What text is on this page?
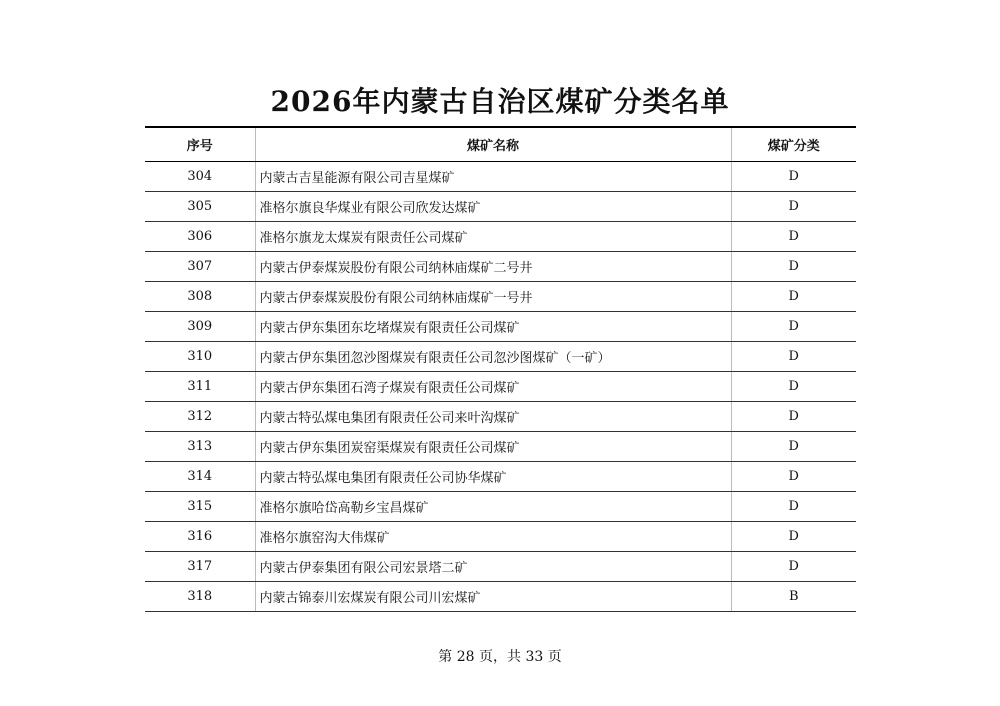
2026年内蒙古自治区煤矿分类名单
序号	煤矿名称	煤矿分类
304	内蒙古吉星能源有限公司吉星煤矿	D
305	准格尔旗良华煤业有限公司欣发达煤矿	D
306	准格尔旗龙太煤炭有限责任公司煤矿	D
307	内蒙古伊泰煤炭股份有限公司纳林庙煤矿二号井	D
308	内蒙古伊泰煤炭股份有限公司纳林庙煤矿一号井	D
309	内蒙古伊东集团东圪堵煤炭有限责任公司煤矿	D
310	内蒙古伊东集团忽沙图煤炭有限责任公司忽沙图煤矿（一矿）	D
311	内蒙古伊东集团石湾子煤炭有限责任公司煤矿	D
312	内蒙古特弘煤电集团有限责任公司来叶沟煤矿	D
313	内蒙古伊东集团炭窑渠煤炭有限责任公司煤矿	D
314	内蒙古特弘煤电集团有限责任公司协华煤矿	D
315	准格尔旗哈岱高勒乡宝昌煤矿	D
316	准格尔旗窑沟大伟煤矿	D
317	内蒙古伊泰集团有限公司宏景塔二矿	D
318	内蒙古锦泰川宏煤炭有限公司川宏煤矿	B
第 28 页，共 33 页
